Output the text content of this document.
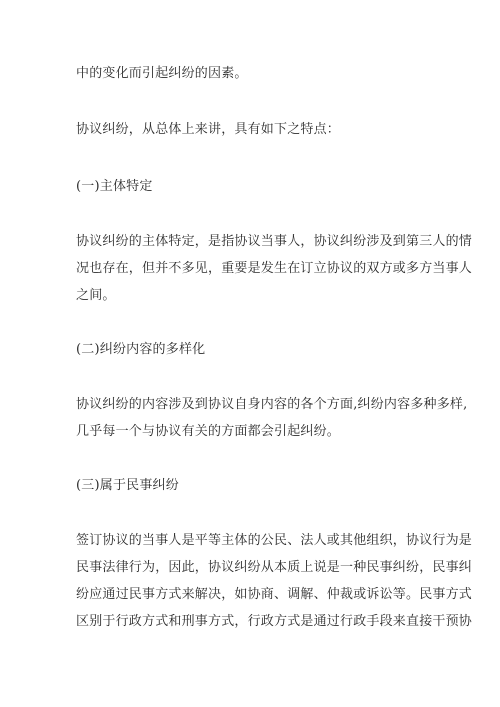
中的变化而引起纠纷的因素。
协议纠纷，从总体上来讲，具有如下之特点：
(一)主体特定
协议纠纷的主体特定，是指协议当事人，协议纠纷涉及到第三人的情
况也存在，但并不多见，重要是发生在订立协议的双方或多方当事人
之间。
(二)纠纷内容的多样化
协议纠纷的内容涉及到协议自身内容的各个方面,纠纷内容多种多样,
几乎每一个与协议有关的方面都会引起纠纷。
(三)属于民事纠纷
签订协议的当事人是平等主体的公民、法人或其他组织，协议行为是
民事法律行为，因此，协议纠纷从本质上说是一种民事纠纷，民事纠
纷应通过民事方式来解决，如协商、调解、仲裁或诉讼等。民事方式
区别于行政方式和刑事方式，行政方式是通过行政手段来直接干预协
